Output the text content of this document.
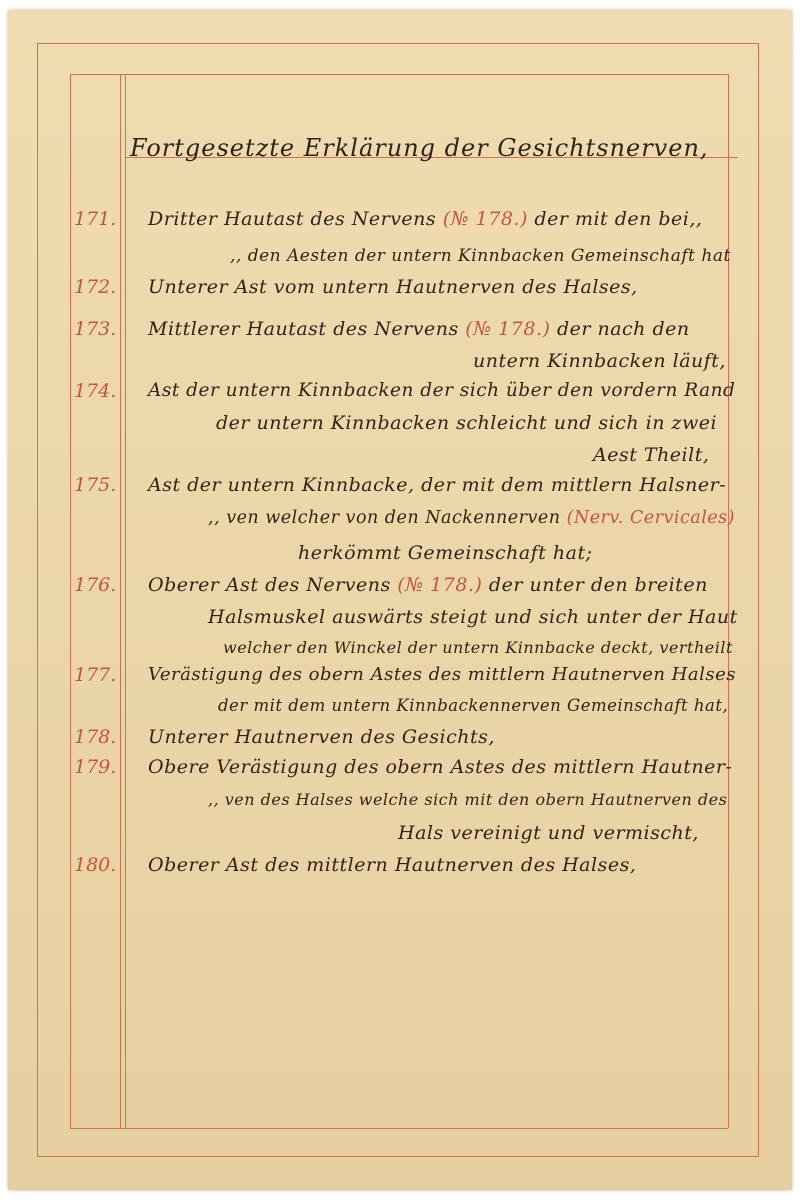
Fortgesetzte Erklärung der Gesichtsnerven,
171.	Dritter Hautast des Nervens (№ 178.) der mit den bei,,
,, den Aesten der untern Kinnbacken Gemeinschaft hat
172.	Unterer Ast vom untern Hautnerven des Halses,
173.	Mittlerer Hautast des Nervens (№ 178.) der nach den
untern Kinnbacken läuft,
174.	Ast der untern Kinnbacken der sich über den vordern Rand
der untern Kinnbacken schleicht und sich in zwei
Aest Theilt,
175.	Ast der untern Kinnbacke, der mit dem mittlern Halsner-
,, ven welcher von den Nackennerven (Nerv. Cervicales)
herkömmt Gemeinschaft hat;
176.	Oberer Ast des Nervens (№ 178.) der unter den breiten
Halsmuskel auswärts steigt und sich unter der Haut
welcher den Winckel der untern Kinnbacke deckt, vertheilt
177.	Verästigung des obern Astes des mittlern Hautnerven Halses
der mit dem untern Kinnbackennerven Gemeinschaft hat,
178.	Unterer Hautnerven des Gesichts,
179.	Obere Verästigung des obern Astes des mittlern Hautner-
,, ven des Halses welche sich mit den obern Hautnerven des
Hals vereinigt und vermischt,
180.	Oberer Ast des mittlern Hautnerven des Halses,
